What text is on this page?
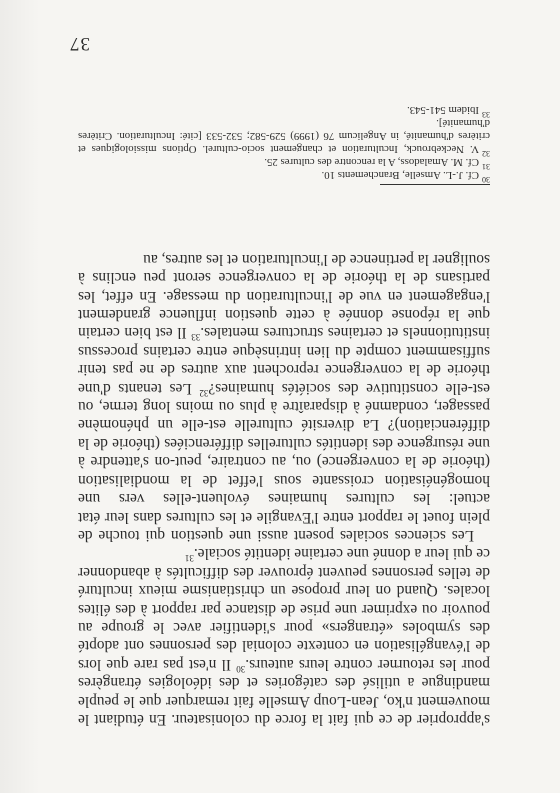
37

s'approprier de ce qui fait la force du colonisateur. En étudiant le mouvement n'ko, Jean-Loup Amselle fait remarquer que le peuple mandingue a utilisé des catégories et des idéologies étrangères pour les retourner contre leurs auteurs.$^{30}$ Il n'est pas rare que lors de l'évangélisation en contexte colonial des personnes ont adopté des symboles «étrangers» pour s'identifier avec le groupe au pouvoir ou exprimer une prise de distance par rapport à des élites locales. Quand on leur propose un christianisme mieux inculturé de telles personnes peuvent éprouver des difficultés à abandonner ce qui leur a donné une certaine identité sociale.$^{31}$

Les sciences sociales posent aussi une question qui touche de plein fouet le rapport entre l'Evangile et les cultures dans leur état actuel: les cultures humaines évoluent-elles vers une homogénéisation croissante sous l'effet de la mondialisation (théorie de la convergence) ou, au contraire, peut-on s'attendre à une résurgence des identités culturelles différenciées (théorie de la différenciation)? La diversité culturelle est-elle un phénomène passager, condamné à disparaître à plus ou moins long terme, ou est-elle constitutive des sociétés humaines?$^{32}$ Les tenants d'une théorie de la convergence reprochent aux autres de ne pas tenir suffisamment compte du lien intrinsèque entre certains processus institutionnels et certaines structures mentales.$^{33}$ Il est bien certain que la réponse donnée à cette question influence grandement l'engagement en vue de l'inculturation du message. En effet, les partisans de la théorie de la convergence seront peu enclins à souligner la pertinence de l'inculturation et les autres, au

$^{30}$Cf. J.-L. Amselle, Branchements 10.
$^{31}$Cf. M. Amaladoss, A la rencontre des cultures 25.
$^{32}$V. Neckebrouck, Inculturation et changement socio-culturel. Options missiologiques et critères d'humanité, in Angelicum 76 (1999) 529-582; 532-533 [cité: Inculturation. Critères d'humanité].
$^{33}$Ibidem 541-543.
